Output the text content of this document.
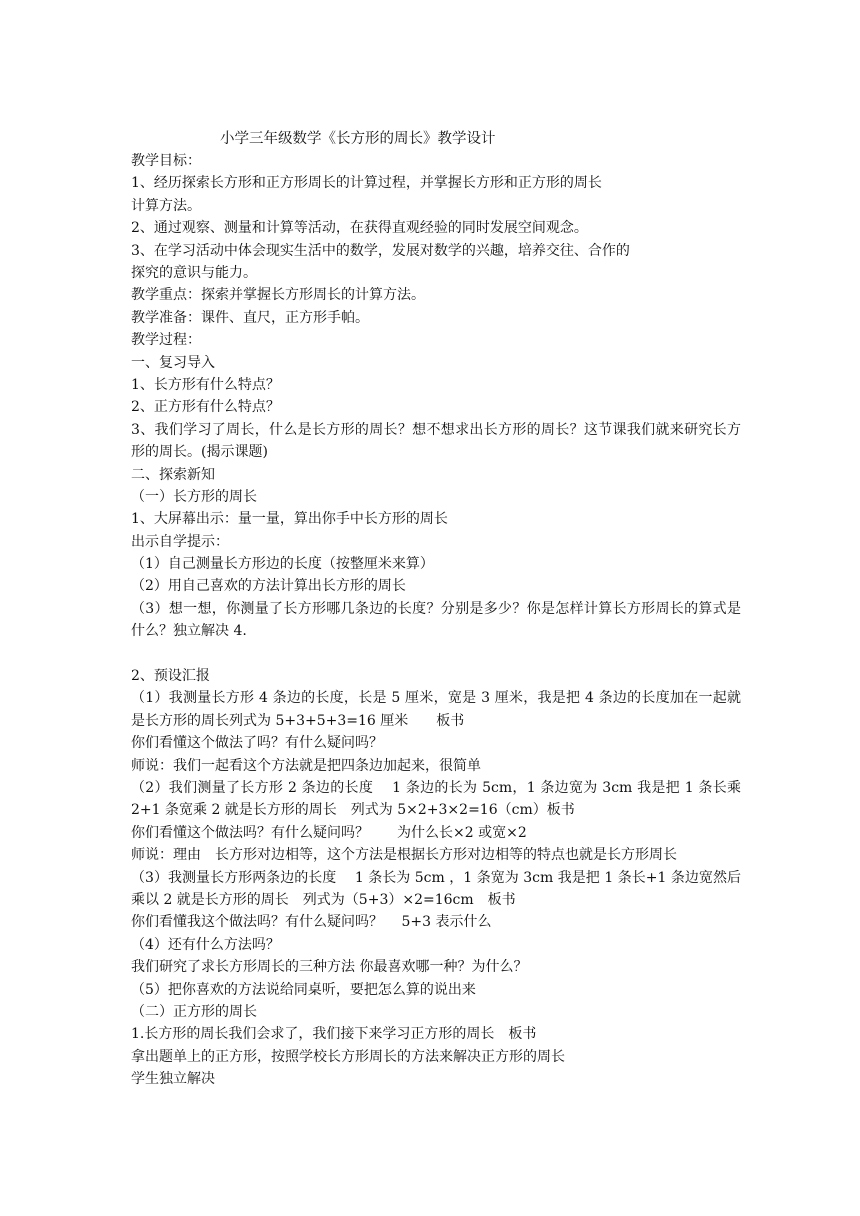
小学三年级数学《长方形的周长》教学设计

教学目标：

1、经历探索长方形和正方形周长的计算过程，并掌握长方形和正方形的周长

计算方法。

2、通过观察、测量和计算等活动，在获得直观经验的同时发展空间观念。

3、在学习活动中体会现实生活中的数学，发展对数学的兴趣，培养交往、合作的

探究的意识与能力。

教学重点：探索并掌握长方形周长的计算方法。

教学准备：课件、直尺，正方形手帕。

教学过程：

一、复习导入

1、长方形有什么特点？

2、正方形有什么特点？

3、我们学习了周长，什么是长方形的周长？想不想求出长方形的周长？这节课我们就来研究长方形的周长。(揭示课题)

二、探索新知

（一）长方形的周长

1、大屏幕出示：量一量，算出你手中长方形的周长

出示自学提示：

（1）自己测量长方形边的长度（按整厘米来算）

（2）用自己喜欢的方法计算出长方形的周长

（3）想一想，你测量了长方形哪几条边的长度？分别是多少？你是怎样计算长方形周长的算式是什么？独立解决 4.

2、预设汇报

（1）我测量长方形 4 条边的长度，长是 5 厘米，宽是 3 厘米，我是把 4 条边的长度加在一起就是长方形的周长列式为 5+3+5+3=16 厘米　　板书

你们看懂这个做法了吗？有什么疑问吗？

师说：我们一起看这个方法就是把四条边加起来，很简单

（2）我们测量了长方形 2 条边的长度　 1 条边的长为 5cm，1 条边宽为 3cm 我是把 1 条长乘 2+1 条宽乘 2 就是长方形的周长　列式为 5×2+3×2=16（cm）板书

你们看懂这个做法吗？有什么疑问吗？　　为什么长×2 或宽×2

师说：理由　长方形对边相等，这个方法是根据长方形对边相等的特点也就是长方形周长

（3）我测量长方形两条边的长度　 1 条长为 5cm ，1 条宽为 3cm 我是把 1 条长+1 条边宽然后乘以 2 就是长方形的周长　列式为（5+3）×2=16cm　板书

你们看懂我这个做法吗？有什么疑问吗？　 5+3 表示什么

（4）还有什么方法吗？

我们研究了求长方形周长的三种方法 你最喜欢哪一种？为什么？

（5）把你喜欢的方法说给同桌听，要把怎么算的说出来

（二）正方形的周长

1.长方形的周长我们会求了，我们接下来学习正方形的周长　板书

拿出题单上的正方形，按照学校长方形周长的方法来解决正方形的周长

学生独立解决
